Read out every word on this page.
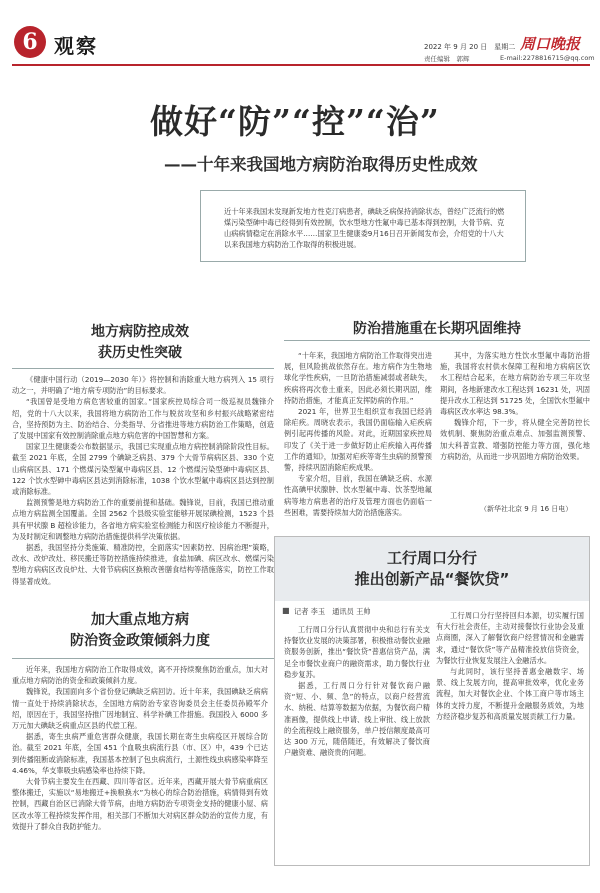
6 观察	2022 年 9 月 20 日　星期二 周口晚报
责任编辑　郭辉	E-mail:2278816715@qq.com
做好“防”“控”“治”
——十年来我国地方病防治取得历史性成效
近十年来我国未发现新发地方性克汀病患者，碘缺乏病保持消除状态，曾经广泛流行的燃煤污染型砷中毒已经得到有效控制，饮水型地方性氟中毒已基本得到控制，大骨节病、克山病病情稳定在消除水平……国家卫生健康委9月16日召开新闻发布会，介绍党的十八大以来我国地方病防治工作取得的积极进展。
地方病防控成效
获历史性突破

《健康中国行动（2019—2030 年）》将控制和消除重大地方病列入 15 项行动之一，并明确了“地方病专项防治”的目标要求。

“我国曾是受地方病危害较重的国家。”国家疾控局综合司一级巡视员魏锋介绍，党的十八大以来，我国将地方病防治工作与脱贫攻坚和乡村振兴战略紧密结合，坚持预防为主、防治结合、分类指导、分省推进等地方病防治工作策略，创造了发展中国家有效控制消除重点地方病危害的中国智慧和方案。

国家卫生健康委公布数据显示，我国已实现重点地方病控制消除阶段性目标。截至 2021 年底，全国 2799 个碘缺乏病县、379 个大骨节病病区县、330 个克山病病区县、171 个燃煤污染型氟中毒病区县、12 个燃煤污染型砷中毒病区县、122 个饮水型砷中毒病区县达到消除标准，1038 个饮水型氟中毒病区县达到控制或消除标准。

监测预警是地方病防治工作的重要前提和基础。魏锋说，目前，我国已推动重点地方病监测全国覆盖。全国 2562 个县级实验室能够开展尿碘检测，1523 个县具有甲状腺 B 超检诊能力，各省地方病实验室检测能力和医疗检诊能力不断提升，为及时制定和调整地方病防治措施提供科学决策依据。

据悉，我国坚持分类施策、精准防控，全面落实“因素防控、因病治理”策略，改水、改炉改灶、移民搬迁等防控措施持续推进，食盐加碘、病区改水、燃煤污染型地方病病区改良炉灶、大骨节病病区换粮改善膳食结构等措施落实，防控工作取得显著成效。

防治措施重在长期巩固维持

“十年来，我国地方病防治工作取得突出进展，但风险挑战依然存在。地方病作为生物地球化学性疾病，一旦防治措施减弱或者缺失，疾病将再次卷土重来，因此必须长期巩固，维持防治措施，才能真正发挥防病的作用。”

2021 年，世界卫生组织宣布我国已经消除疟疾。周晓农表示，我国仍面临输入疟疾病例引起再传播的风险。对此，近期国家疾控局印发了《关于进一步做好防止疟疾输入再传播工作的通知》，加强对疟疾等寄生虫病的预警预警，持续巩固消除疟疾成果。

专家介绍，目前，我国在碘缺乏病、水源性高碘甲状腺肿、饮水型氟中毒、饮茶型地氟病等地方病患者的治疗及管理方面也仍面临一些困难，需要持续加大防治措施落实。

其中，为落实地方性饮水型氟中毒防治措施，我国将农村供水保障工程和地方病病区饮水工程结合起来，在地方病防治专项三年攻坚期间，各地新建改水工程达到 16231 处，巩固提升改水工程达到 51725 处，全国饮水型氟中毒病区改水率达 98.3%。

魏锋介绍，下一步，将从健全完善防控长效机制、聚焦防治重点难点、加强监测预警、加大科普宣教、增强防控能力等方面，强化地方病防治，从而进一步巩固地方病防治效果。

（新华社北京 9 月 16 日电）
加大重点地方病
防治资金政策倾斜力度

近年来，我国地方病防治工作取得成效，离不开持续聚焦防治重点，加大对重点地方病防治的资金和政策倾斜力度。

魏锋说，我国面向多个省份登记碘缺乏病回访。近十年来，我国碘缺乏病病情一直处于持续消除状态，全国地方病防治专家咨询委员会主任委员孙殿军介绍，原因在于，我国坚持推广因地制宜、科学补碘工作措施。我国投入 6000 多万元加大碘缺乏病重点区县的代偿工程。

据悉，寄生虫病严重危害群众健康，我国长期在寄生虫病疫区开展综合防治。截至 2021 年底，全国 451 个血吸虫病流行县（市、区）中，439 个已达到传播阻断或消除标准，我国基本控制了包虫病流行，土源性线虫病感染率降至 4.46%，华支睾吸虫病感染率也持续下降。

大骨节病主要发生在西藏、四川等省区。近年来，西藏开展大骨节病重病区整体搬迁，实施以“易地搬迁+换粮换水”为核心的综合防治措施，病情得到有效控制，西藏自治区已消除大骨节病，由地方病防治专项资金支持的健康小屋、病区改水等工程持续发挥作用，相关部门不断加大对病区群众防治的宣传力度，有效提升了群众自我防护能力。

工行周口分行
推出创新产品“餐饮贷”
■ 记者 李玉　通讯员 王帅

工行周口分行认真贯彻中央和总行有关支持餐饮业发展的决策部署，积极推动餐饮业融资服务创新，推出“餐饮贷”普惠信贷产品，满足全市餐饮业商户的融资需求，助力餐饮行业稳步复苏。

据悉，工行周口分行针对餐饮商户融资“短、小、频、急”的特点，以商户经营流水、纳税、结算等数据为依据，为餐饮商户精准画像，提供线上申请、线上审批、线上放款的全流程线上融资服务，单户授信额度最高可达 300 万元，随借随还，有效解决了餐饮商户融资难、融资贵的问题。

工行周口分行坚持回归本源，切实履行国有大行社会责任，主动对接餐饮行业协会及重点商圈，深入了解餐饮商户经营情况和金融需求，通过“餐饮贷”等产品精准投放信贷资金，为餐饮行业恢复发展注入金融活水。

与此同时，该行坚持普惠金融数字、场景、线上发展方向，提高审批效率，优化业务流程，加大对餐饮企业、个体工商户等市场主体的支持力度，不断提升金融服务质效，为地方经济稳步复苏和高质量发展贡献工行力量。
